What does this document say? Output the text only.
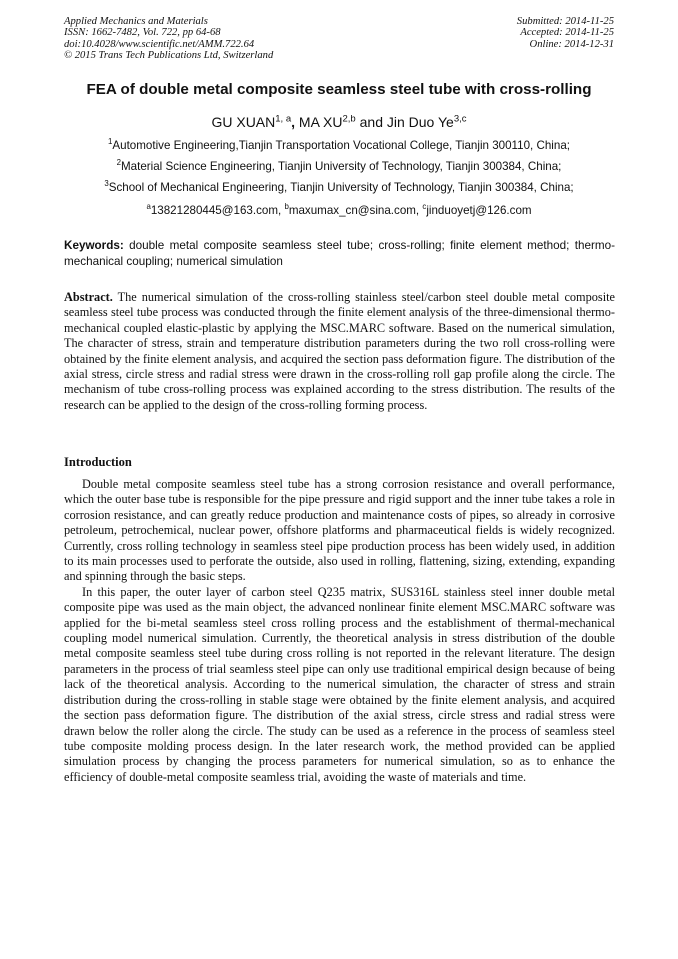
Applied Mechanics and Materials
ISSN: 1662-7482, Vol. 722, pp 64-68
doi:10.4028/www.scientific.net/AMM.722.64
© 2015 Trans Tech Publications Ltd, Switzerland
Submitted: 2014-11-25
Accepted: 2014-11-25
Online: 2014-12-31
FEA of double metal composite seamless steel tube with cross-rolling
GU XUAN$^{1, a}$, MA XU$^{2,b}$ and Jin Duo Ye$^{3,c}$
$^1$Automotive Engineering,Tianjin Transportation Vocational College, Tianjin 300110, China;
$^2$Material Science Engineering, Tianjin University of Technology, Tianjin 300384, China;
$^3$School of Mechanical Engineering, Tianjin University of Technology, Tianjin 300384, China;
$^a$13821280445@163.com, $^b$maxumax_cn@sina.com, $^c$jinduoyetj@126.com
Keywords: double metal composite seamless steel tube; cross-rolling; finite element method; thermo-mechanical coupling; numerical simulation
Abstract. The numerical simulation of the cross-rolling stainless steel/carbon steel double metal composite seamless steel tube process was conducted through the finite element analysis of the three-dimensional thermo-mechanical coupled elastic-plastic by applying the MSC.MARC software. Based on the numerical simulation, The character of stress, strain and temperature distribution parameters during the two roll cross-rolling were obtained by the finite element analysis, and acquired the section pass deformation figure. The distribution of the axial stress, circle stress and radial stress were drawn in the cross-rolling roll gap profile along the circle. The mechanism of tube cross-rolling process was explained according to the stress distribution. The results of the research can be applied to the design of the cross-rolling forming process.
Introduction

Double metal composite seamless steel tube has a strong corrosion resistance and overall performance, which the outer base tube is responsible for the pipe pressure and rigid support and the inner tube takes a role in corrosion resistance, and can greatly reduce production and maintenance costs of pipes, so already in corrosive petroleum, petrochemical, nuclear power, offshore platforms and pharmaceutical fields is widely recognized. Currently, cross rolling technology in seamless steel pipe production process has been widely used, in addition to its main processes used to perforate the outside, also used in rolling, flattening, sizing, extending, expanding and spinning through the basic steps.

In this paper, the outer layer of carbon steel Q235 matrix, SUS316L stainless steel inner double metal composite pipe was used as the main object, the advanced nonlinear finite element MSC.MARC software was applied for the bi-metal seamless steel cross rolling process and the establishment of thermal-mechanical coupling model numerical simulation. Currently, the theoretical analysis in stress distribution of the double metal composite seamless steel tube during cross rolling is not reported in the relevant literature. The design parameters in the process of trial seamless steel pipe can only use traditional empirical design because of being lack of the theoretical analysis. According to the numerical simulation, the character of stress and strain distribution during the cross-rolling in stable stage were obtained by the finite element analysis, and acquired the section pass deformation figure. The distribution of the axial stress, circle stress and radial stress were drawn below the roller along the circle. The study can be used as a reference in the process of seamless steel tube composite molding process design. In the later research work, the method provided can be applied simulation process by changing the process parameters for numerical simulation, so as to enhance the efficiency of double-metal composite seamless trial, avoiding the waste of materials and time.
